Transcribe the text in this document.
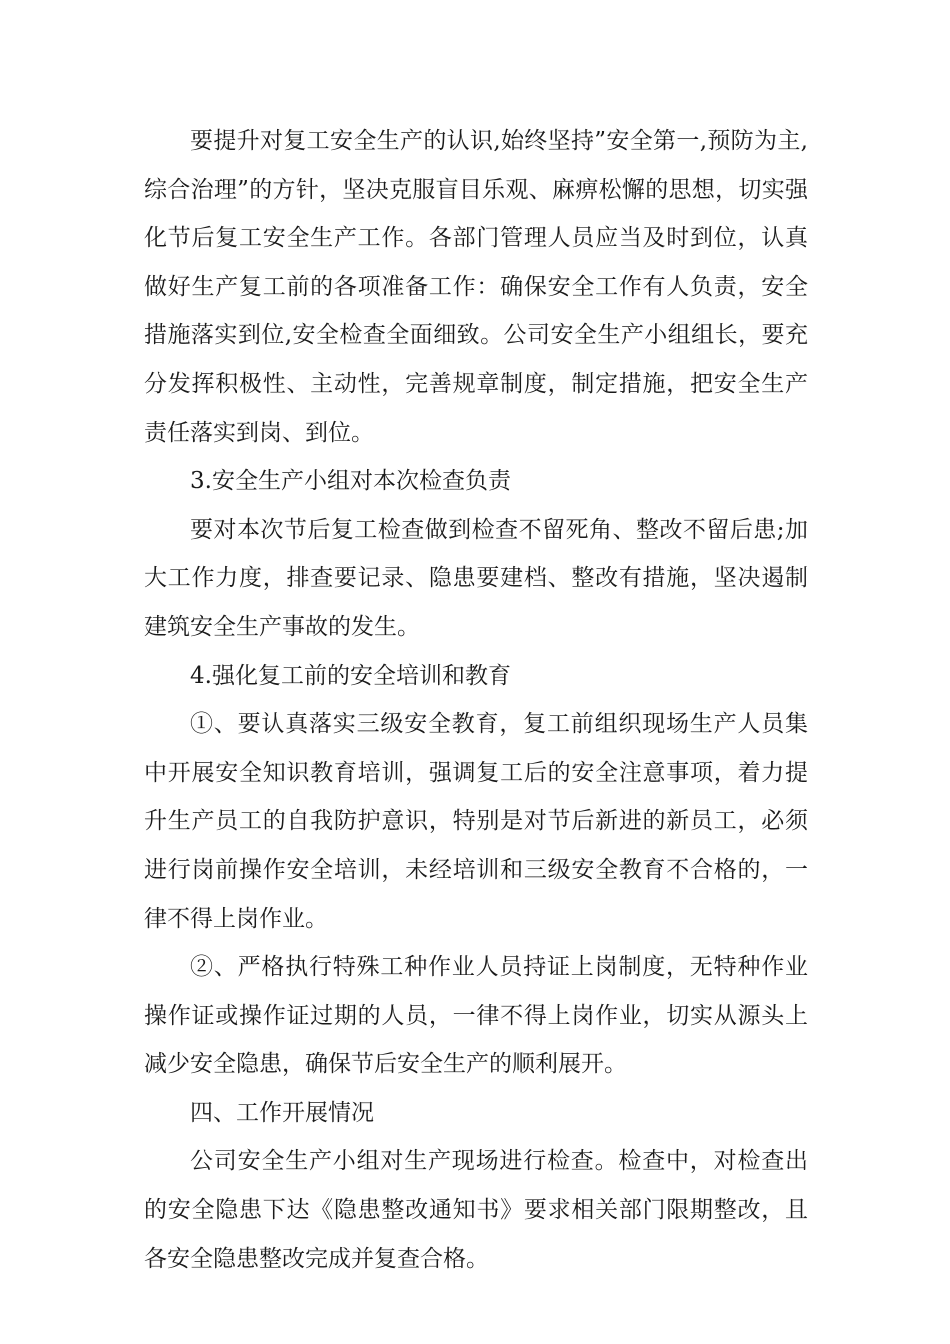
要提升对复工安全生产的认识,始终坚持”安全第一,预防为主,综合治理”的方针，坚决克服盲目乐观、麻痹松懈的思想，切实强化节后复工安全生产工作。各部门管理人员应当及时到位，认真做好生产复工前的各项准备工作：确保安全工作有人负责，安全措施落实到位,安全检查全面细致。公司安全生产小组组长，要充分发挥积极性、主动性，完善规章制度，制定措施，把安全生产责任落实到岗、到位。

3.安全生产小组对本次检查负责

要对本次节后复工检查做到检查不留死角、整改不留后患;加大工作力度，排查要记录、隐患要建档、整改有措施，坚决遏制建筑安全生产事故的发生。

4.强化复工前的安全培训和教育

①、要认真落实三级安全教育，复工前组织现场生产人员集中开展安全知识教育培训，强调复工后的安全注意事项，着力提升生产员工的自我防护意识，特别是对节后新进的新员工，必须进行岗前操作安全培训，未经培训和三级安全教育不合格的，一律不得上岗作业。

②、严格执行特殊工种作业人员持证上岗制度，无特种作业操作证或操作证过期的人员，一律不得上岗作业，切实从源头上减少安全隐患，确保节后安全生产的顺利展开。

四、工作开展情况

公司安全生产小组对生产现场进行检查。检查中，对检查出的安全隐患下达《隐患整改通知书》要求相关部门限期整改，且各安全隐患整改完成并复查合格。
